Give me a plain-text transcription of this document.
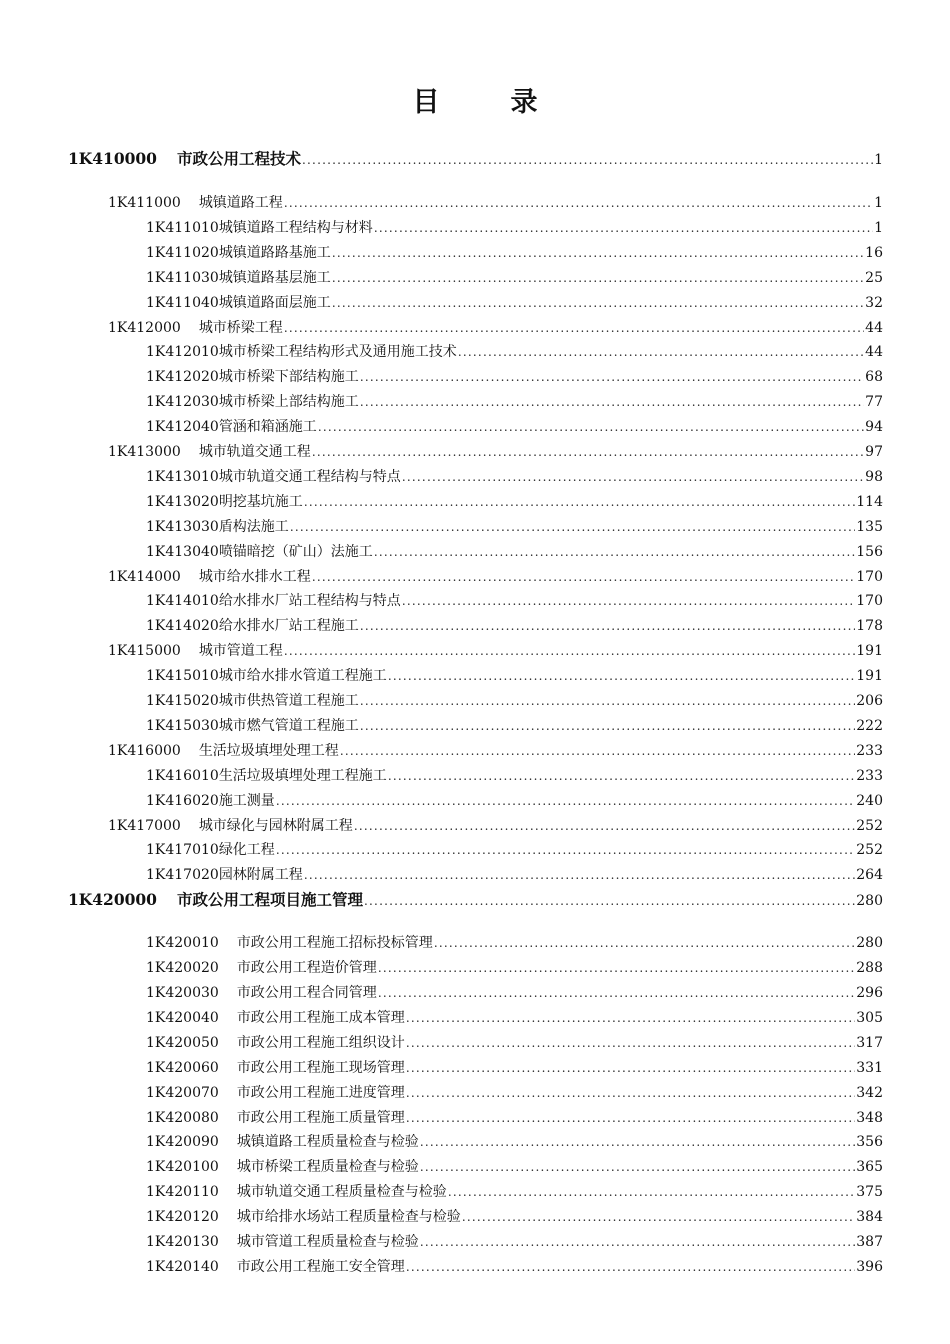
目　录
1K410000 市政公用工程技术 . . .	1
1K411000 城镇道路工程 . . .	1
1K411010 城镇道路工程结构与材料 . . .	1
1K411020 城镇道路路基施工 . . .	16
1K411030 城镇道路基层施工 . . .	25
1K411040 城镇道路面层施工 . . .	32
1K412000 城市桥梁工程 . . .	44
1K412010 城市桥梁工程结构形式及通用施工技术 . . .	44
1K412020 城市桥梁下部结构施工 . . .	68
1K412030 城市桥梁上部结构施工 . . .	77
1K412040 管涵和箱涵施工 . . .	94
1K413000 城市轨道交通工程 . . .	97
1K413010 城市轨道交通工程结构与特点 . . .	98
1K413020 明挖基坑施工 . . .	114
1K413030 盾构法施工 . . .	135
1K413040 喷锚暗挖（矿山）法施工 . . .	156
1K414000 城市给水排水工程 . . .	170
1K414010 给水排水厂站工程结构与特点 . . .	170
1K414020 给水排水厂站工程施工 . . .	178
1K415000 城市管道工程 . . .	191
1K415010 城市给水排水管道工程施工 . . .	191
1K415020 城市供热管道工程施工 . . .	206
1K415030 城市燃气管道工程施工 . . .	222
1K416000 生活垃圾填埋处理工程 . . .	233
1K416010 生活垃圾填埋处理工程施工 . . .	233
1K416020 施工测量 . . .	240
1K417000 城市绿化与园林附属工程 . . .	252
1K417010 绿化工程 . . .	252
1K417020 园林附属工程 . . .	264
1K420000 市政公用工程项目施工管理 . . .	280
1K420010 市政公用工程施工招标投标管理 . . .	280
1K420020 市政公用工程造价管理 . . .	288
1K420030 市政公用工程合同管理 . . .	296
1K420040 市政公用工程施工成本管理 . . .	305
1K420050 市政公用工程施工组织设计 . . .	317
1K420060 市政公用工程施工现场管理 . . .	331
1K420070 市政公用工程施工进度管理 . . .	342
1K420080 市政公用工程施工质量管理 . . .	348
1K420090 城镇道路工程质量检查与检验 . . .	356
1K420100 城市桥梁工程质量检查与检验 . . .	365
1K420110 城市轨道交通工程质量检查与检验 . . .	375
1K420120 城市给排水场站工程质量检查与检验 . . .	384
1K420130 城市管道工程质量检查与检验 . . .	387
1K420140 市政公用工程施工安全管理 . . .	396
